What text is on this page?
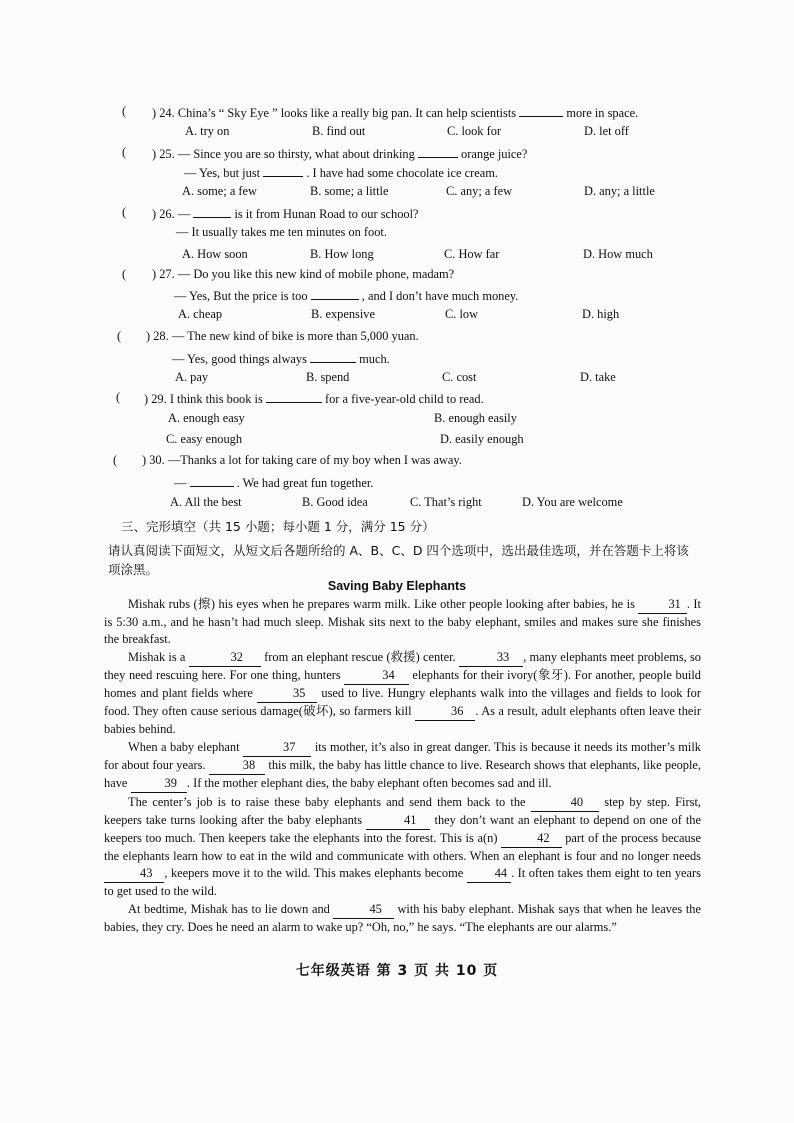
( ) 24. China’s “ Sky Eye ” looks like a really big pan. It can help scientists	more in space.
A. try on	B. find out	C. look for	D. let off
( ) 25. — Since you are so thirsty, what about drinking	orange juice?
— Yes, but just	. I have had some chocolate ice cream.
A. some; a few	B. some; a little	C. any; a few	D. any; a little
( ) 26. —	is it from Hunan Road to our school?
— It usually takes me ten minutes on foot.
A. How soon	B. How long	C. How far	D. How much
( ) 27. — Do you like this new kind of mobile phone, madam?
— Yes, But the price is too	, and I don’t have much money.
A. cheap	B. expensive	C. low	D. high
( ) 28. — The new kind of bike is more than 5,000 yuan.
— Yes, good things always	much.
A. pay	B. spend	C. cost	D. take
( ) 29. I think this book is	for a five-year-old child to read.
A. enough easy	B. enough easily
C. easy enough	D. easily enough
( ) 30. —Thanks a lot for taking care of my boy when I was away.
—	. We had great fun together.
A. All the best	B. Good idea	C. That’s right	D. You are welcome
三、完形填空（共 15 小题；每小题 1 分，满分 15 分）
请认真阅读下面短文，从短文后各题所给的 A、B、C、D 四个选项中，选出最佳选项，并在答题卡上将该项涂黑。
Saving Baby Elephants

Mishak rubs (擦) his eyes when he prepares warm milk. Like other people looking after babies, he is 31 . It is 5:30 a.m., and he hasn’t had much sleep. Mishak sits next to the baby elephant, smiles and makes sure she finishes the breakfast.

Mishak is a	32 from an elephant rescue (救援) center.	33 , many elephants meet problems, so they need rescuing here. For one thing, hunters	34 elephants for their ivory(象牙). For another, people build homes and plant fields where	35 used to live. Hungry elephants walk into the villages and fields to look for food. They often cause serious damage(破坏), so farmers kill	36 . As a result, adult elephants often leave their babies behind.

When a baby elephant	37 its mother, it’s also in great danger. This is because it needs its mother’s milk for about four years.	38 this milk, the baby has little chance to live. Research shows that elephants, like people, have	39 . If the mother elephant dies, the baby elephant often becomes sad and ill.

The center’s job is to raise these baby elephants and send them back to the	40 step by step. First, keepers take turns looking after the baby elephants	41 they don’t want an elephant to depend on one of the keepers too much. Then keepers take the elephants into the forest. This is a(n)	42 part of the process because the elephants learn how to eat in the wild and communicate with others. When an elephant is four and no longer needs 43 , keepers move it to the wild. This makes elephants become 44 . It often takes them eight to ten years to get used to the wild.

At bedtime, Mishak has to lie down and	45 with his baby elephant. Mishak says that when he leaves the babies, they cry. Does he need an alarm to wake up? “Oh, no,” he says. “The elephants are our alarms.”

七年级英语 第 3 页 共 10 页
